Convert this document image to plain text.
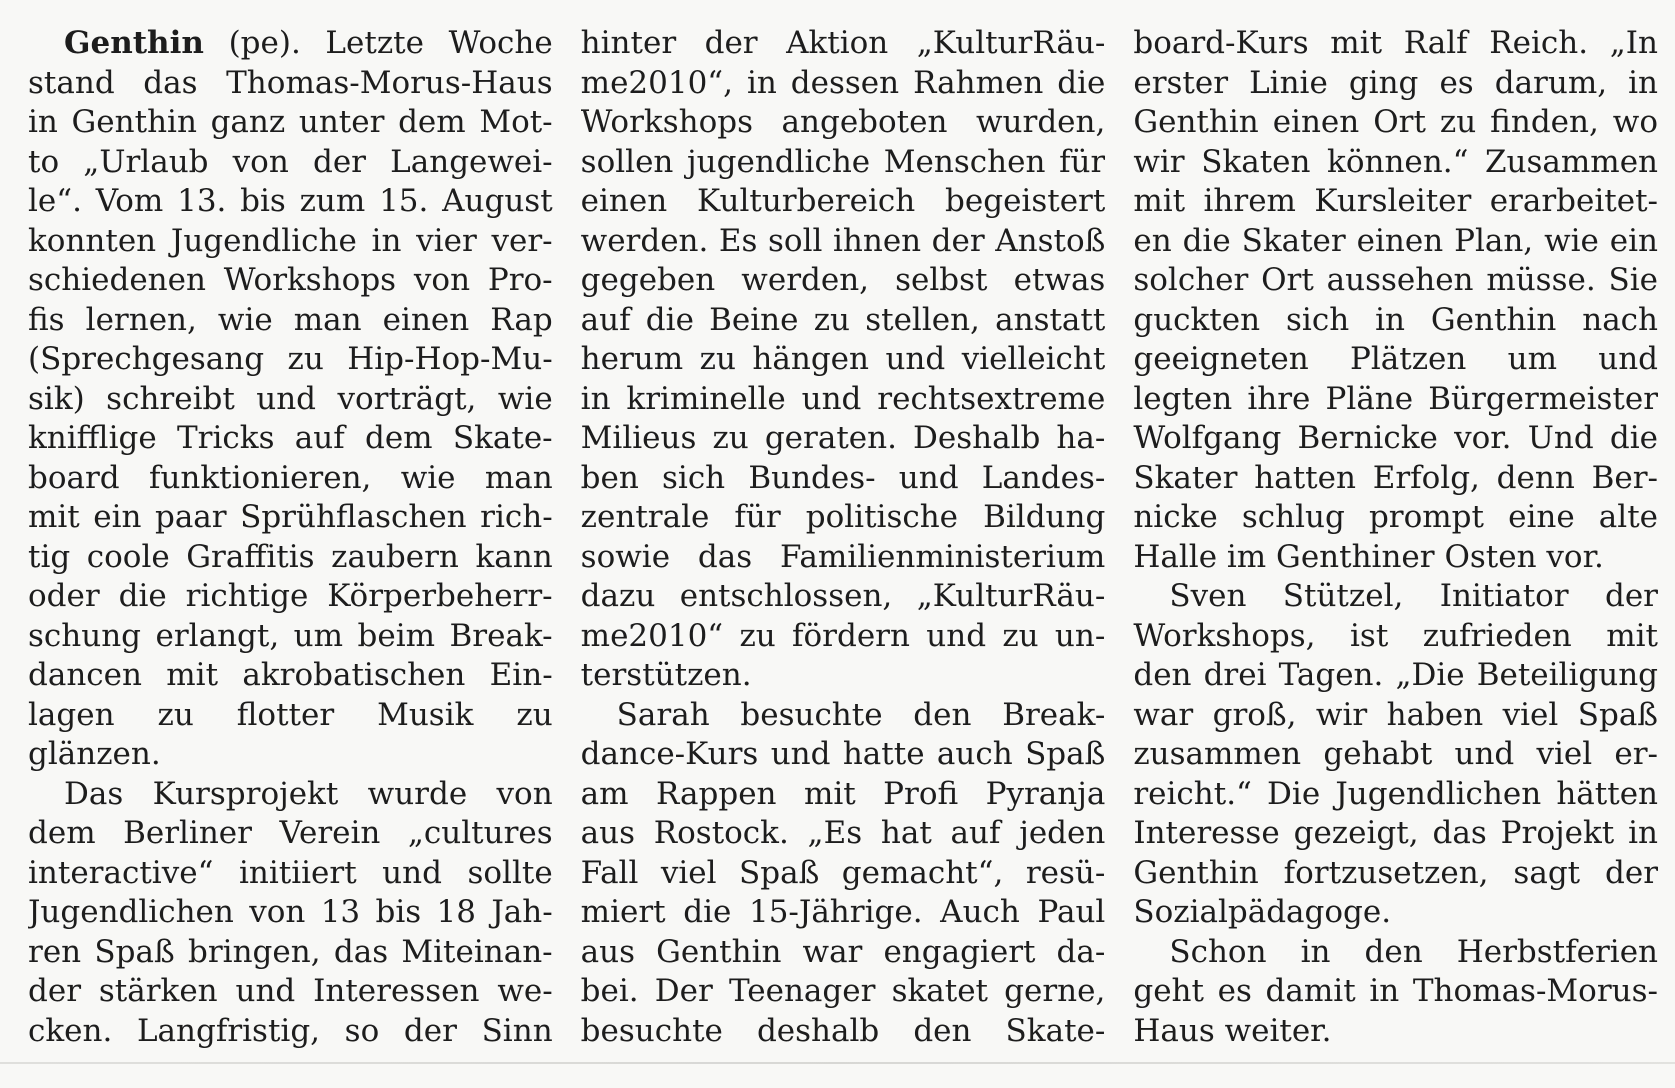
Genthin (pe). Letzte Woche
stand das Thomas-Morus-Haus
in Genthin ganz unter dem Mot-
to „Urlaub von der Langewei-
le“. Vom 13. bis zum 15. August
konnten Jugendliche in vier ver-
schiedenen Workshops von Pro-
fis lernen, wie man einen Rap
(Sprechgesang zu Hip-Hop-Mu-
sik) schreibt und vorträgt, wie
knifflige Tricks auf dem Skate-
board funktionieren, wie man
mit ein paar Sprühflaschen rich-
tig coole Graffitis zaubern kann
oder die richtige Körperbeherr-
schung erlangt, um beim Break-
dancen mit akrobatischen Ein-
lagen zu flotter Musik zu
glänzen.
Das Kursprojekt wurde von
dem Berliner Verein „cultures
interactive“ initiiert und sollte
Jugendlichen von 13 bis 18 Jah-
ren Spaß bringen, das Miteinan-
der stärken und Interessen we-
cken. Langfristig, so der Sinn
hinter der Aktion „KulturRäu-
me2010“, in dessen Rahmen die
Workshops angeboten wurden,
sollen jugendliche Menschen für
einen Kulturbereich begeistert
werden. Es soll ihnen der Anstoß
gegeben werden, selbst etwas
auf die Beine zu stellen, anstatt
herum zu hängen und vielleicht
in kriminelle und rechtsextreme
Milieus zu geraten. Deshalb ha-
ben sich Bundes- und Landes-
zentrale für politische Bildung
sowie das Familienministerium
dazu entschlossen, „KulturRäu-
me2010“ zu fördern und zu un-
terstützen.
Sarah besuchte den Break-
dance-Kurs und hatte auch Spaß
am Rappen mit Profi Pyranja
aus Rostock. „Es hat auf jeden
Fall viel Spaß gemacht“, resü-
miert die 15-Jährige. Auch Paul
aus Genthin war engagiert da-
bei. Der Teenager skatet gerne,
besuchte deshalb den Skate-
board-Kurs mit Ralf Reich. „In
erster Linie ging es darum, in
Genthin einen Ort zu finden, wo
wir Skaten können.“ Zusammen
mit ihrem Kursleiter erarbeitet-
en die Skater einen Plan, wie ein
solcher Ort aussehen müsse. Sie
guckten sich in Genthin nach
geeigneten Plätzen um und
legten ihre Pläne Bürgermeister
Wolfgang Bernicke vor. Und die
Skater hatten Erfolg, denn Ber-
nicke schlug prompt eine alte
Halle im Genthiner Osten vor.
Sven Stützel, Initiator der
Workshops, ist zufrieden mit
den drei Tagen. „Die Beteiligung
war groß, wir haben viel Spaß
zusammen gehabt und viel er-
reicht.“ Die Jugendlichen hätten
Interesse gezeigt, das Projekt in
Genthin fortzusetzen, sagt der
Sozialpädagoge.
Schon in den Herbstferien
geht es damit in Thomas-Morus-
Haus weiter.
